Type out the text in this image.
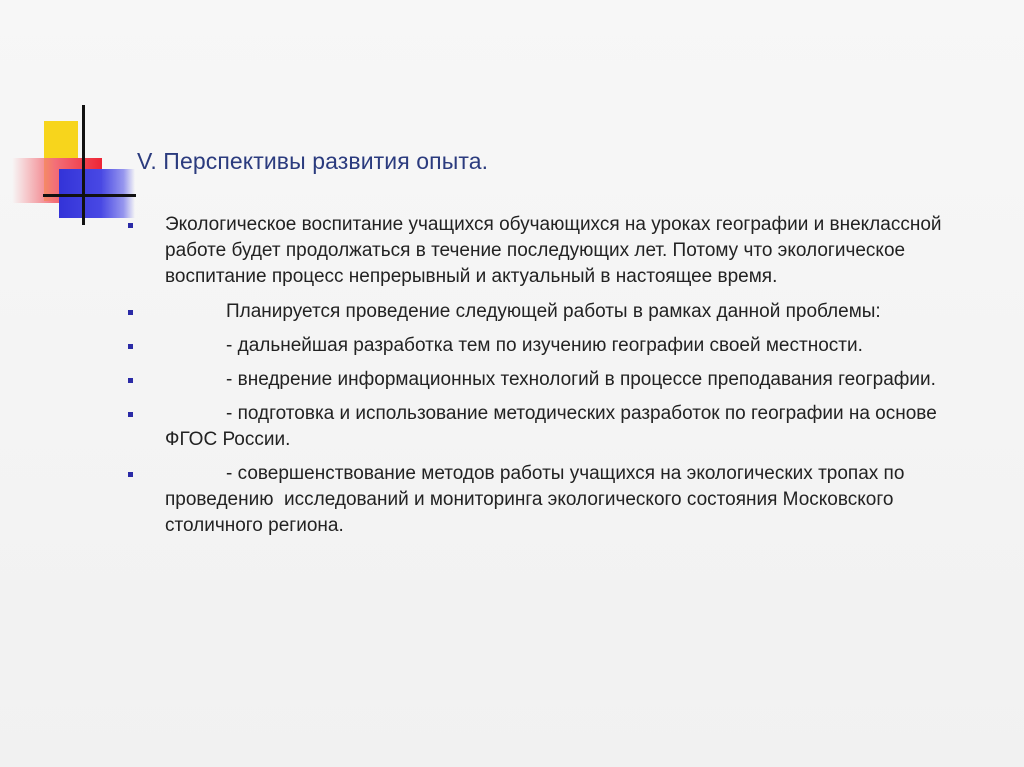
V. Перспективы развития опыта.
Экологическое воспитание учащихся обучающихся на уроках географии и внеклассной работе будет продолжаться в течение последующих лет. Потому что экологическое воспитание процесс непрерывный и актуальный в настоящее время.
Планируется проведение следующей работы в рамках данной проблемы:
- дальнейшая разработка тем по изучению географии своей местности.
- внедрение информационных технологий в процессе преподавания географии.
- подготовка и использование методических разработок по географии на основе ФГОС России.
- совершенствование методов работы учащихся на экологических тропах по  проведению  исследований и мониторинга экологического состояния Московского столичного региона.
